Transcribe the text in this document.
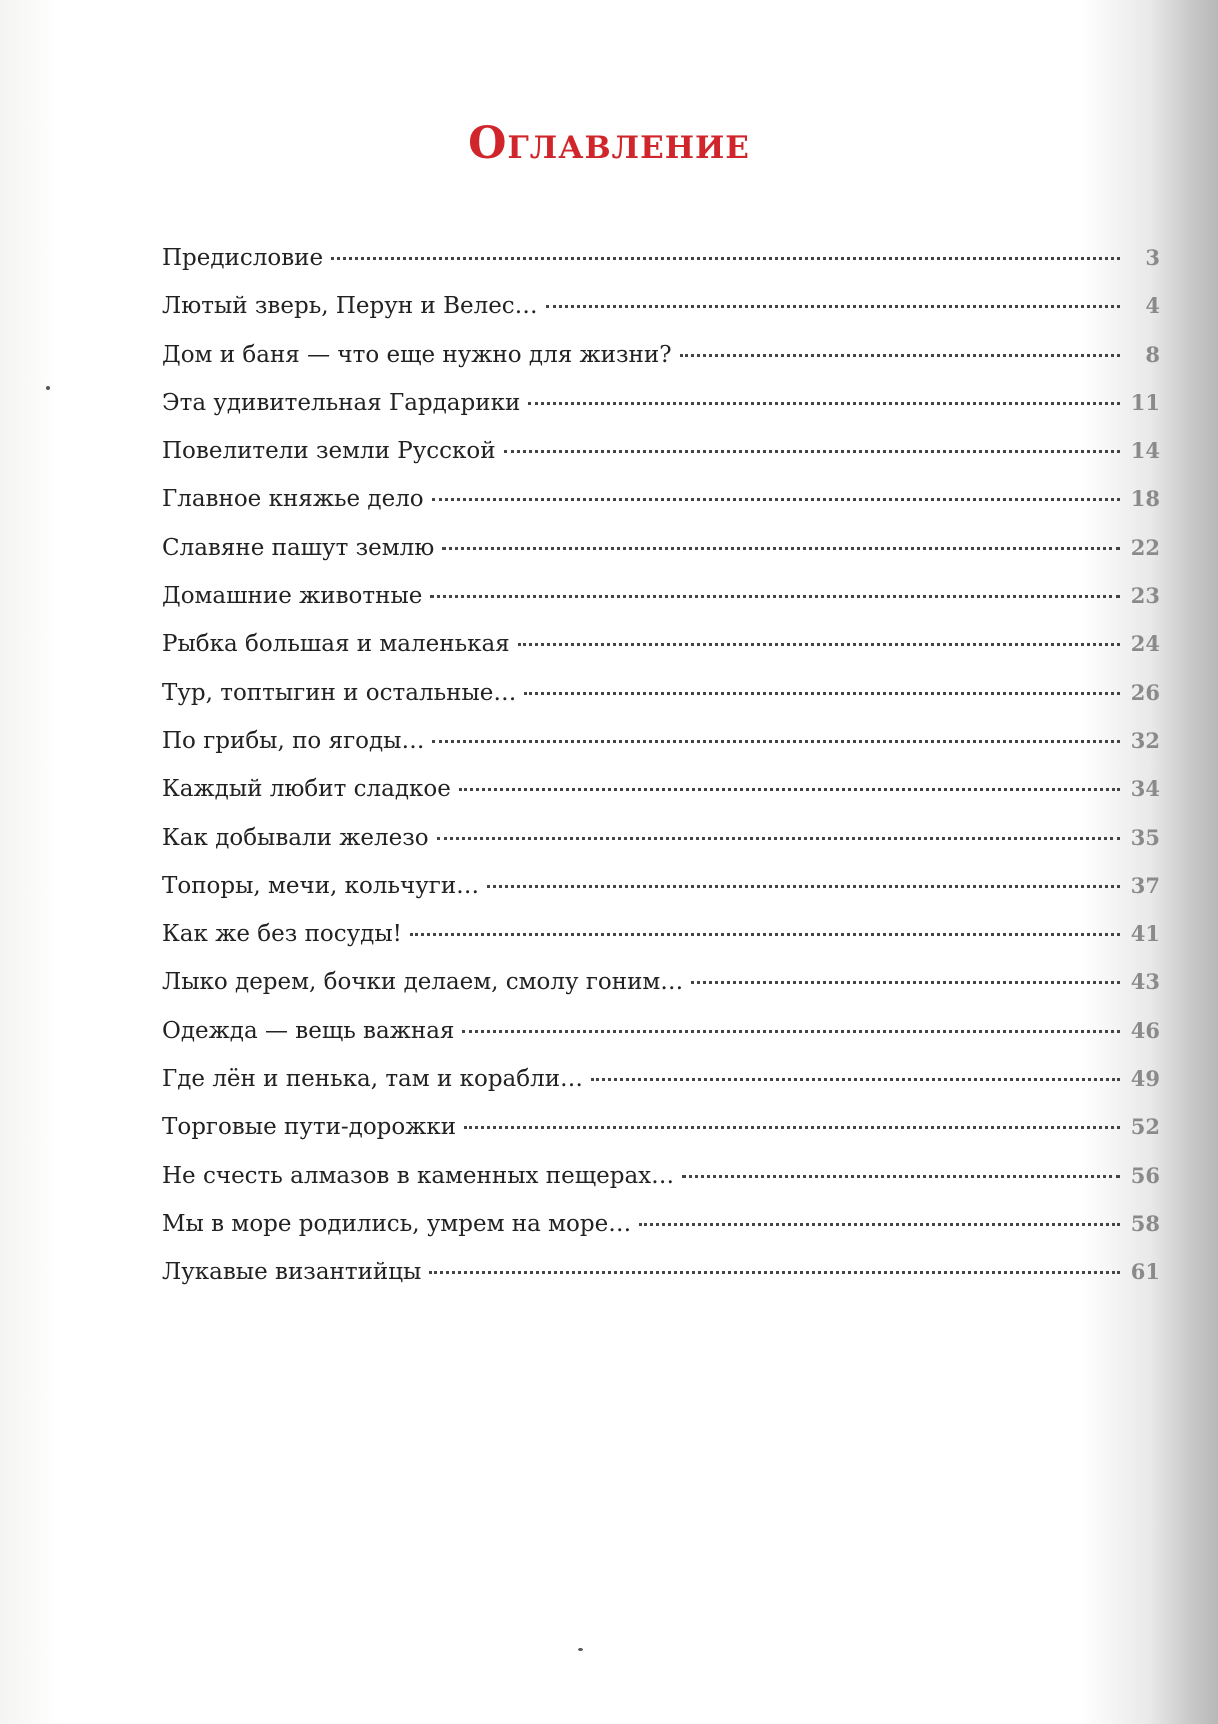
Оглавление
Предисловие	3
Лютый зверь, Перун и Велес…	4
Дом и баня — что еще нужно для жизни?	8
Эта удивительная Гардарики	11
Повелители земли Русской	14
Главное княжье дело	18
Славяне пашут землю	22
Домашние животные	23
Рыбка большая и маленькая	24
Тур, топтыгин и остальные…	26
По грибы, по ягоды…	32
Каждый любит сладкое	34
Как добывали железо	35
Топоры, мечи, кольчуги…	37
Как же без посуды!	41
Лыко дерем, бочки делаем, смолу гоним…	43
Одежда — вещь важная	46
Где лён и пенька, там и корабли…	49
Торговые пути-дорожки	52
Не счесть алмазов в каменных пещерах…	56
Мы в море родились, умрем на море…	58
Лукавые византийцы	61
